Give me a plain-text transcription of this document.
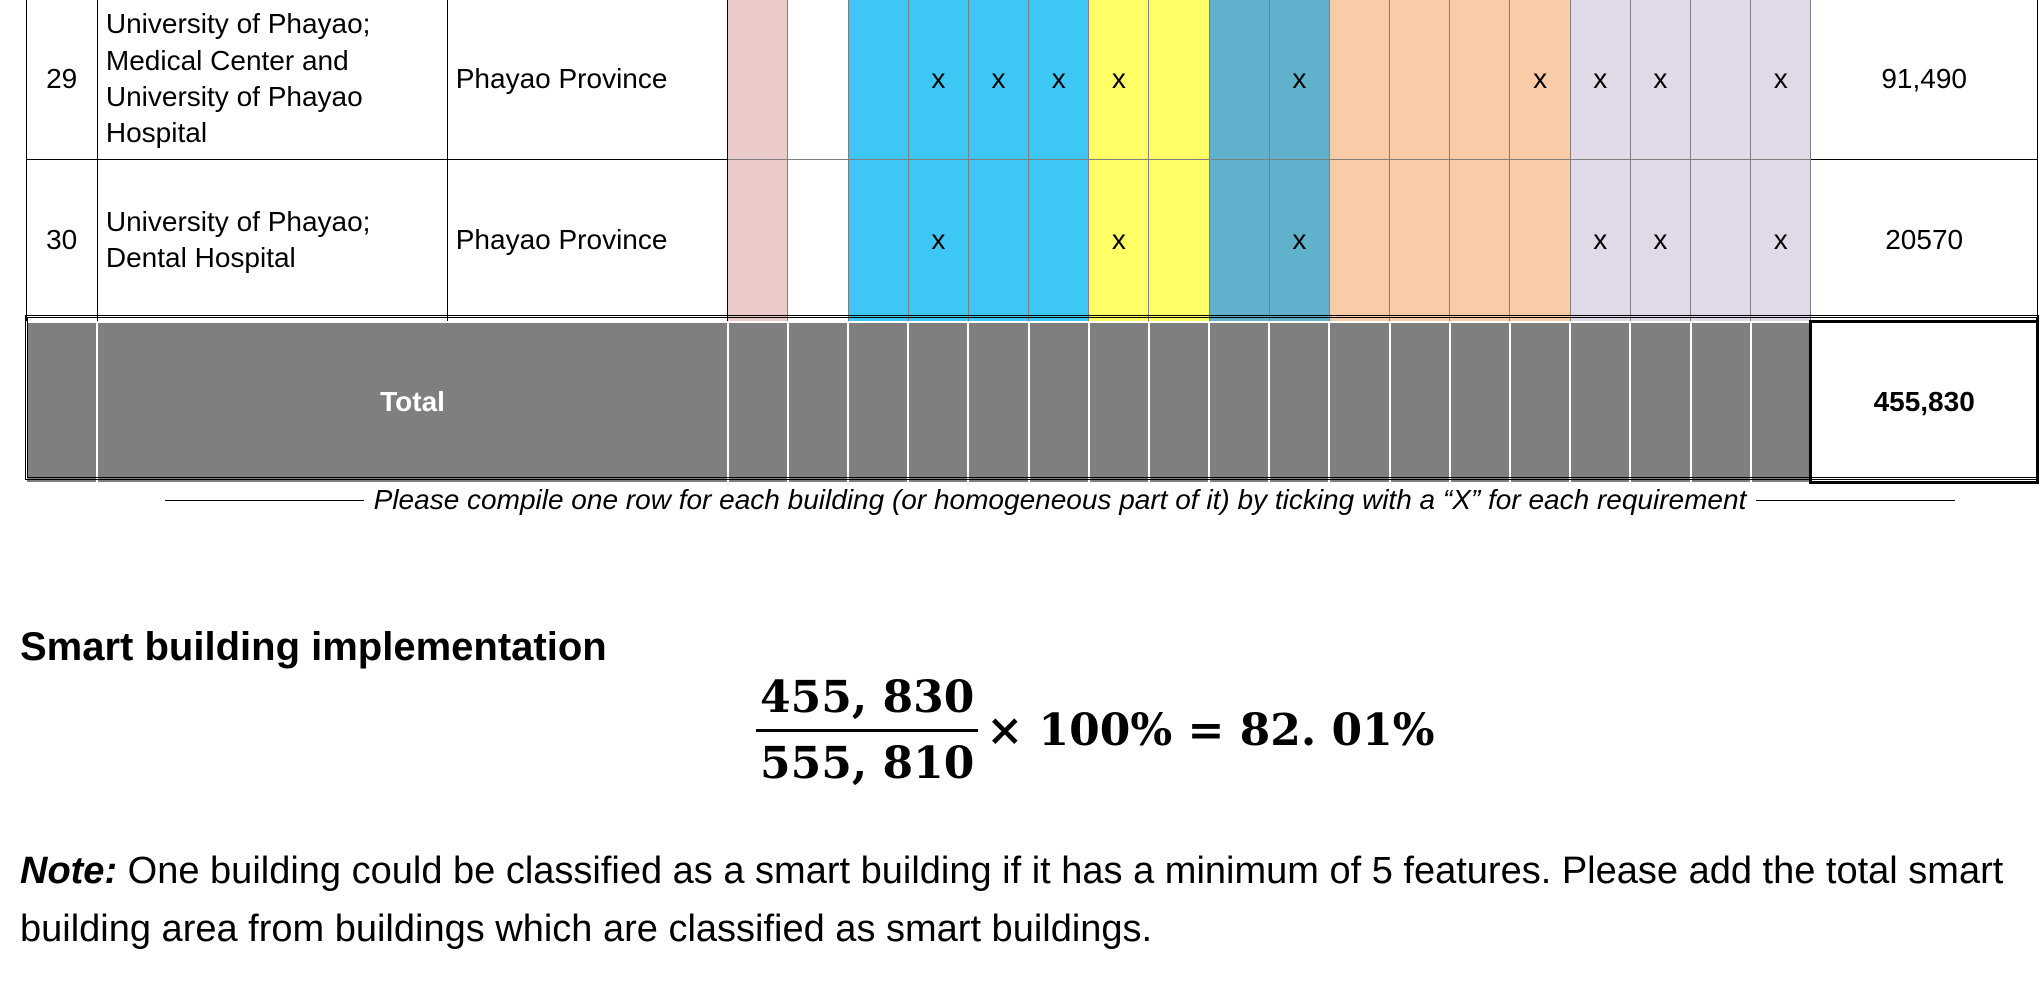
29	University of Phayao; Medical Center and University of Phayao Hospital	Phayao Province				x	x	x	x			x				x	x	x		x	91,490
30	University of Phayao; Dental Hospital	Phayao Province				x			x			x					x	x		x	20570
	Total																				455,830
Please compile one row for each building (or homogeneous part of it) by ticking with a “X” for each requirement
Smart building implementation
$\frac{455, 830}{555, 810} \times 100\% = 82$. 01%
Note: One building could be classified as a smart building if it has a minimum of 5 features. Please add the total smart building area from buildings which are classified as smart buildings.
